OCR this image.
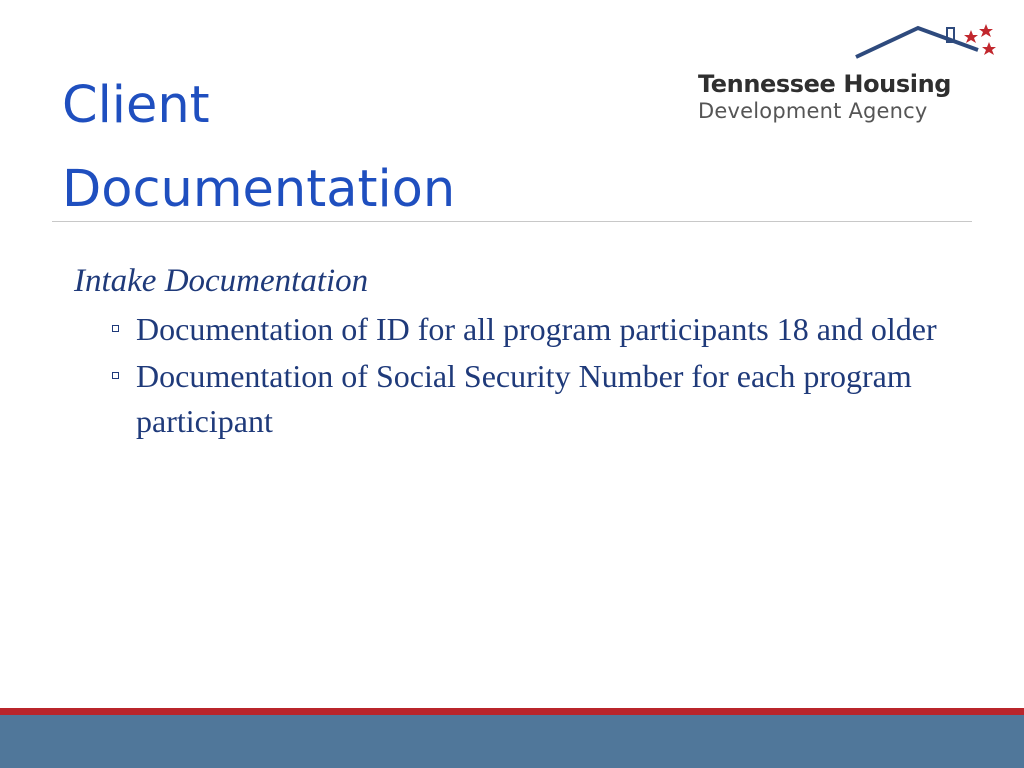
Client
Documentation
Tennessee Housing
Development Agency
Intake Documentation
Documentation of ID for all program participants 18 and older
Documentation of Social Security Number for each program participant
